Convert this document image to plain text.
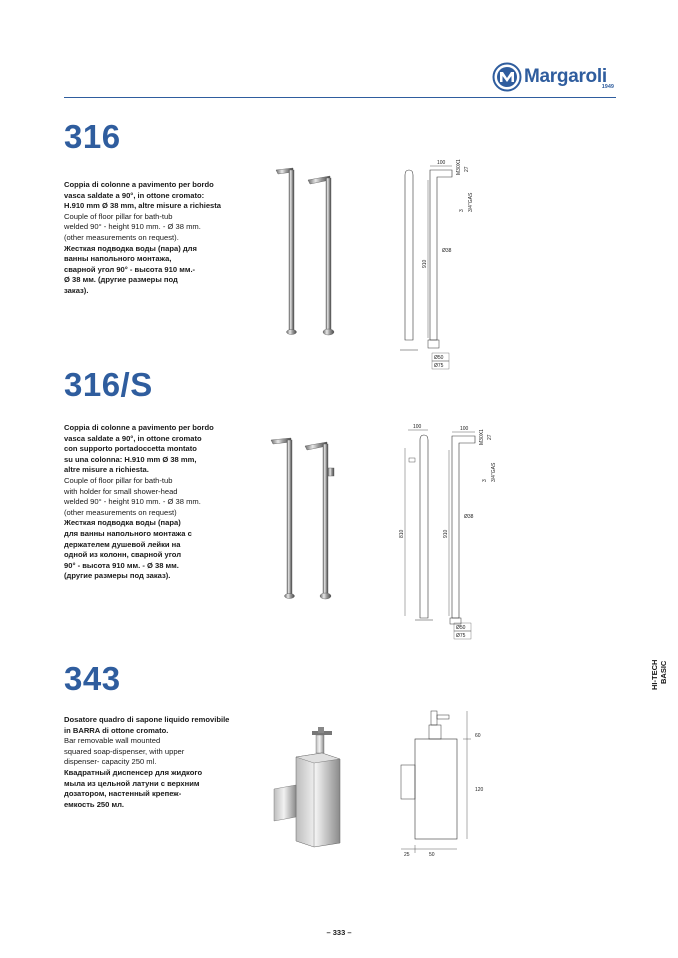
Margaroli
1949
316
Coppia di colonne a pavimento per bordo
vasca saldate a 90°, in ottone cromato:
H.910 mm Ø 38 mm, altre misure a richiesta
Couple of floor pillar for bath-tub
welded 90° - height 910 mm. - Ø 38 mm.
(other measurements on request).
Жесткая подводка воды (пара) для
ванны напольного монтажа,
сварной угол 90° - высота 910 мм.-
Ø 38 мм. (другие размеры под
заказ).
100
910
Ø38
M30X1 27
3/4"GAS
3
Ø50
Ø75
316/S
Coppia di colonne a pavimento per bordo
vasca saldate a 90°, in ottone cromato
con supporto portadoccetta montato
su una colonna: H.910 mm Ø 38 mm,
altre misure a richiesta.
Couple of floor pillar for bath-tub
with holder for small shower-head
welded 90° - height 910 mm. - Ø 38 mm.
(other measurements on request)
Жесткая подводка воды (пара)
для ванны напольного монтажа с
держателем душевой лейки на
одной из колонн, сварной угол
90° - высота 910 мм. - Ø 38 мм.
(другие размеры под заказ).
100
810
100
910
Ø38
M30X1 27
3/4"GAS
3
Ø50
Ø75
343
Dosatore quadro di sapone liquido removibile
in BARRA di ottone cromato.
Bar removable wall mounted
squared soap-dispenser, with upper
dispenser- capacity 250 ml.
Квадратный диспенсер для жидкого
мыла из цельной латуни с верхним
дозатором, настенный крепеж-
емкость 250 мл.
60
120
25	50
HI-TECH BASIC
– 333 –
